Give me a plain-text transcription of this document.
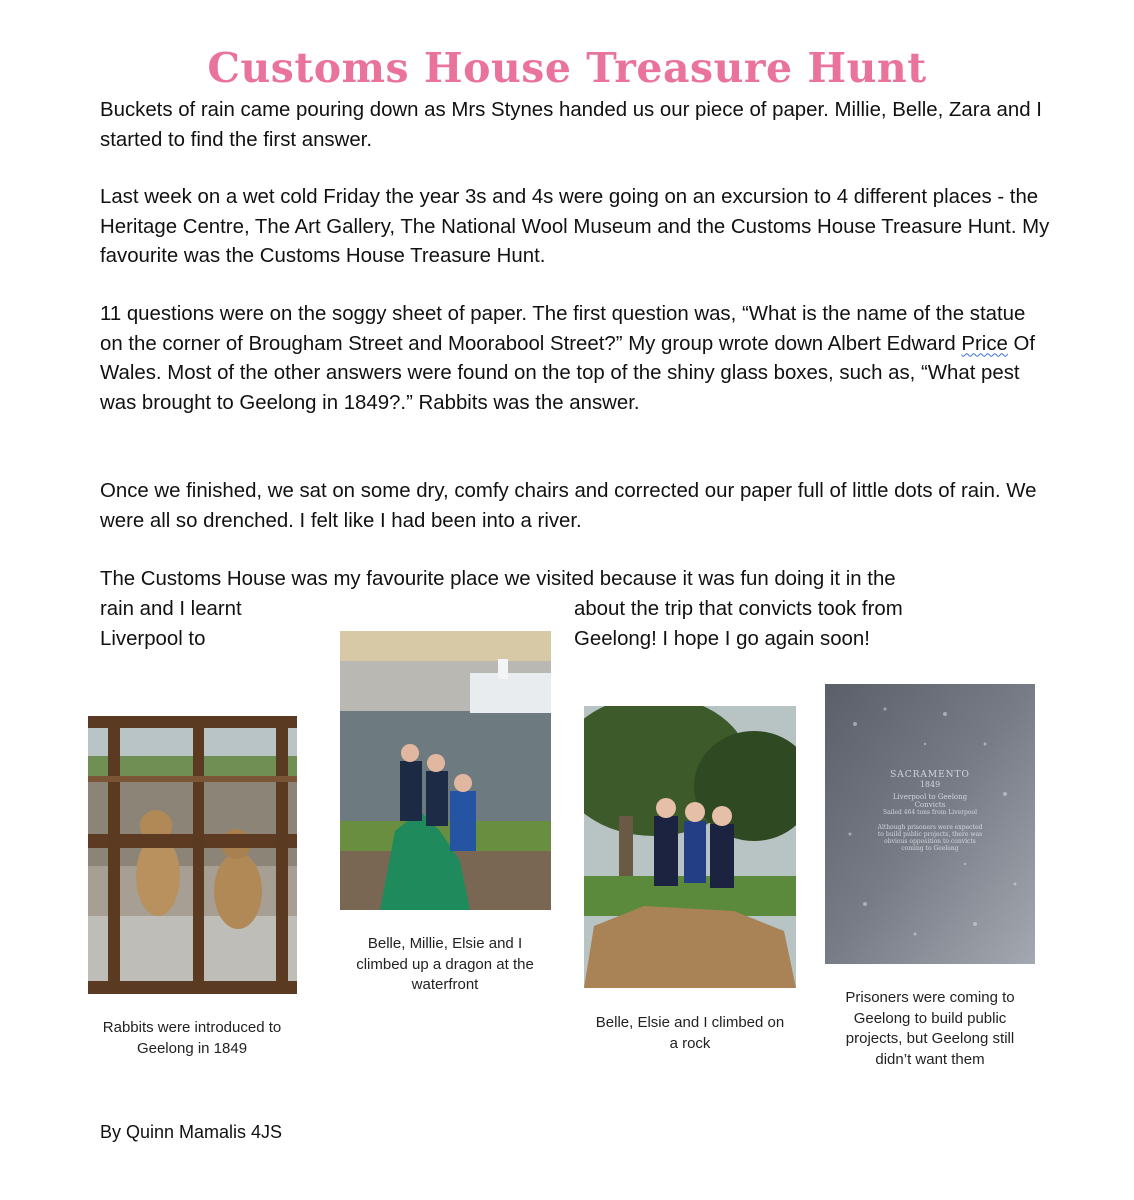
Customs House Treasure Hunt

Buckets of rain came pouring down as Mrs Stynes handed us our piece of paper. Millie, Belle, Zara and I started to find the first answer.

Last week on a wet cold Friday the year 3s and 4s were going on an excursion to 4 different places - the Heritage Centre, The Art Gallery, The National Wool Museum and the Customs House Treasure Hunt. My favourite was the Customs House Treasure Hunt.

11 questions were on the soggy sheet of paper. The first question was, “What is the name of the statue on the corner of Brougham Street and Moorabool Street?” My group wrote down Albert Edward Price Of Wales. Most of the other answers were found on the top of the shiny glass boxes, such as, “What pest was brought to Geelong in 1849?.” Rabbits was the answer.

Once we finished, we sat on some dry, comfy chairs and corrected our paper full of little dots of rain. We were all so drenched. I felt like I had been into a river.

The Customs House was my favourite place we visited because it was fun doing it in the

rain and I learnt

Liverpool to

about the trip that convicts took from

Geelong! I hope I go again soon!

Rabbits were introduced to Geelong in 1849

Belle, Millie, Elsie and I climbed up a dragon at the waterfront

Belle, Elsie and I climbed on a rock

SACRAMENTO
1849
Liverpool to Geelong
Convicts
Sailed 464 tons from Liverpool
Although prisoners were expected
to build public projects, there was
obvious opposition to convicts
coming to Geelong

Prisoners were coming to Geelong to build public projects, but Geelong still didn’t want them

By Quinn Mamalis 4JS
